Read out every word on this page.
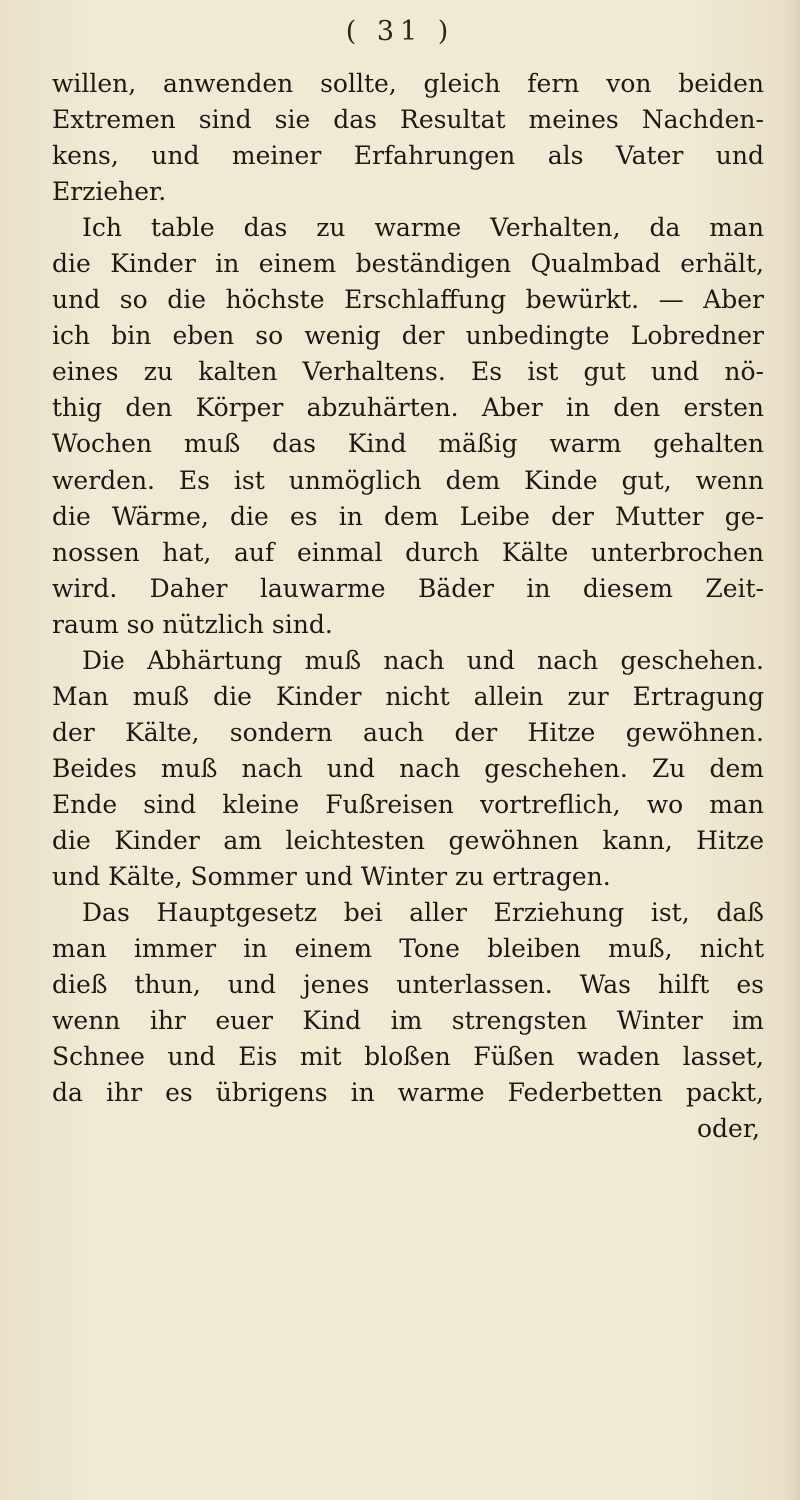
( 31 )
willen, anwenden sollte, gleich fern von beiden
Extremen sind sie das Resultat meines Nachden-
kens, und meiner Erfahrungen als Vater und
Erzieher.
Ich table das zu warme Verhalten, da man
die Kinder in einem beständigen Qualmbad erhält,
und so die höchste Erschlaffung bewürkt. — Aber
ich bin eben so wenig der unbedingte Lobredner
eines zu kalten Verhaltens. Es ist gut und nö-
thig den Körper abzuhärten. Aber in den ersten
Wochen muß das Kind mäßig warm gehalten
werden. Es ist unmöglich dem Kinde gut, wenn
die Wärme, die es in dem Leibe der Mutter ge-
nossen hat, auf einmal durch Kälte unterbrochen
wird. Daher lauwarme Bäder in diesem Zeit-
raum so nützlich sind.
Die Abhärtung muß nach und nach geschehen.
Man muß die Kinder nicht allein zur Ertragung
der Kälte, sondern auch der Hitze gewöhnen.
Beides muß nach und nach geschehen. Zu dem
Ende sind kleine Fußreisen vortreflich, wo man
die Kinder am leichtesten gewöhnen kann, Hitze
und Kälte, Sommer und Winter zu ertragen.
Das Hauptgesetz bei aller Erziehung ist, daß
man immer in einem Tone bleiben muß, nicht
dieß thun, und jenes unterlassen. Was hilft es
wenn ihr euer Kind im strengsten Winter im
Schnee und Eis mit bloßen Füßen waden lasset,
da ihr es übrigens in warme Federbetten packt,
oder,
